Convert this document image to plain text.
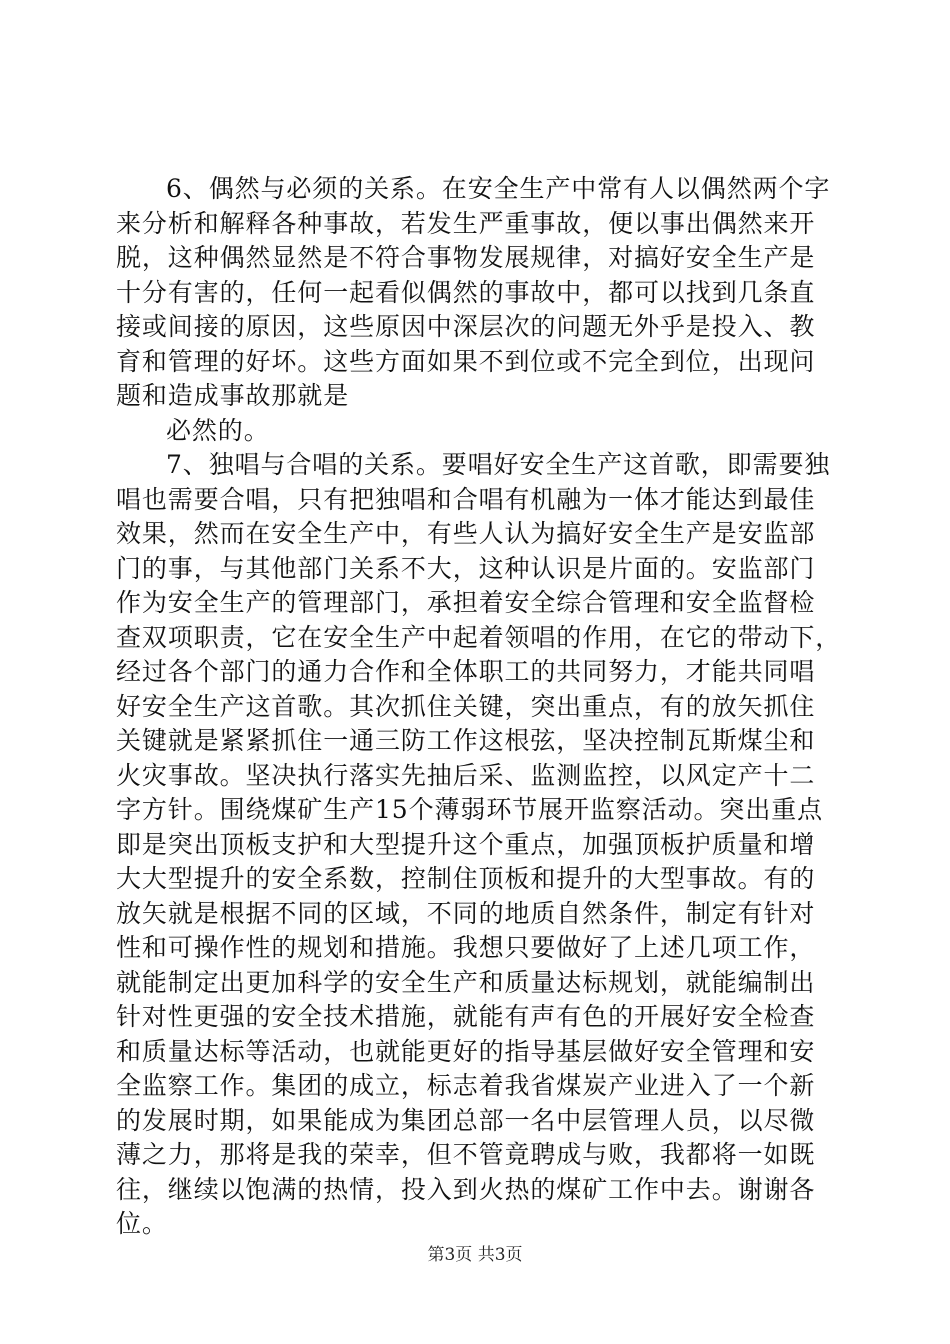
6、偶然与必须的关系。在安全生产中常有人以偶然两个字
来分析和解释各种事故，若发生严重事故，便以事出偶然来开
脱，这种偶然显然是不符合事物发展规律，对搞好安全生产是
十分有害的，任何一起看似偶然的事故中，都可以找到几条直
接或间接的原因，这些原因中深层次的问题无外乎是投入、教
育和管理的好坏。这些方面如果不到位或不完全到位，出现问
题和造成事故那就是
必然的。
7、独唱与合唱的关系。要唱好安全生产这首歌，即需要独
唱也需要合唱，只有把独唱和合唱有机融为一体才能达到最佳
效果，然而在安全生产中，有些人认为搞好安全生产是安监部
门的事，与其他部门关系不大，这种认识是片面的。安监部门
作为安全生产的管理部门，承担着安全综合管理和安全监督检
查双项职责，它在安全生产中起着领唱的作用，在它的带动下，
经过各个部门的通力合作和全体职工的共同努力，才能共同唱
好安全生产这首歌。其次抓住关键，突出重点，有的放矢抓住
关键就是紧紧抓住一通三防工作这根弦，坚决控制瓦斯煤尘和
火灾事故。坚决执行落实先抽后采、监测监控，以风定产十二
字方针。围绕煤矿生产15个薄弱环节展开监察活动。突出重点
即是突出顶板支护和大型提升这个重点，加强顶板护质量和增
大大型提升的安全系数，控制住顶板和提升的大型事故。有的
放矢就是根据不同的区域，不同的地质自然条件，制定有针对
性和可操作性的规划和措施。我想只要做好了上述几项工作，
就能制定出更加科学的安全生产和质量达标规划，就能编制出
针对性更强的安全技术措施，就能有声有色的开展好安全检查
和质量达标等活动，也就能更好的指导基层做好安全管理和安
全监察工作。集团的成立，标志着我省煤炭产业进入了一个新
的发展时期，如果能成为集团总部一名中层管理人员，以尽微
薄之力，那将是我的荣幸，但不管竟聘成与败，我都将一如既
往，继续以饱满的热情，投入到火热的煤矿工作中去。谢谢各
位。
第3页 共3页
